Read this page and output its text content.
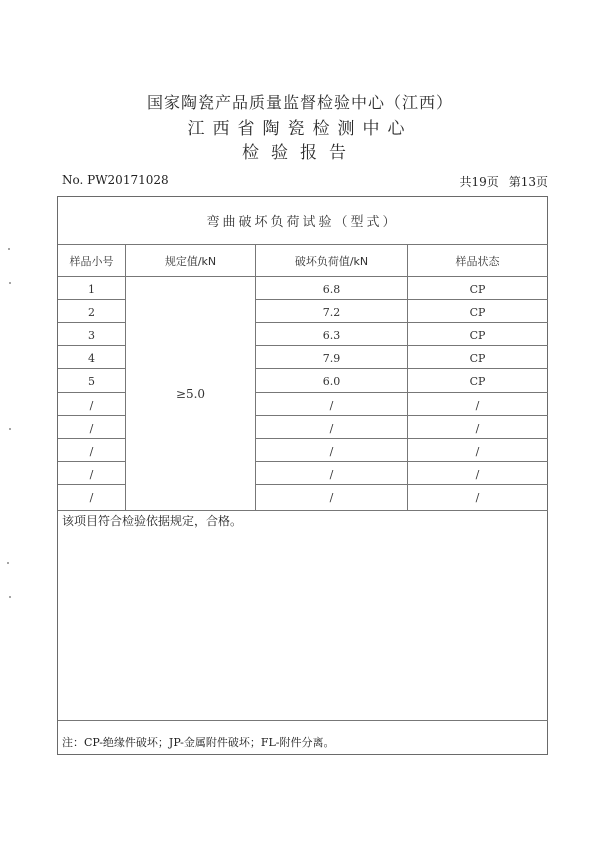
国家陶瓷产品质量监督检验中心（江西）
江西省陶瓷检测中心
检验报告
No. PW20171028	共19页 第13页
弯曲破坏负荷试验（型式）
样品小号	规定值/kN	破坏负荷值/kN	样品状态
≥5.0
1	6.8	CP
2	7.2	CP
3	6.3	CP
4	7.9	CP
5	6.0	CP
/	/	/
/	/	/
/	/	/
/	/	/
/	/	/
该项目符合检验依据规定，合格。
注：CP-绝缘件破坏；JP-金属附件破坏；FL-附件分离。
